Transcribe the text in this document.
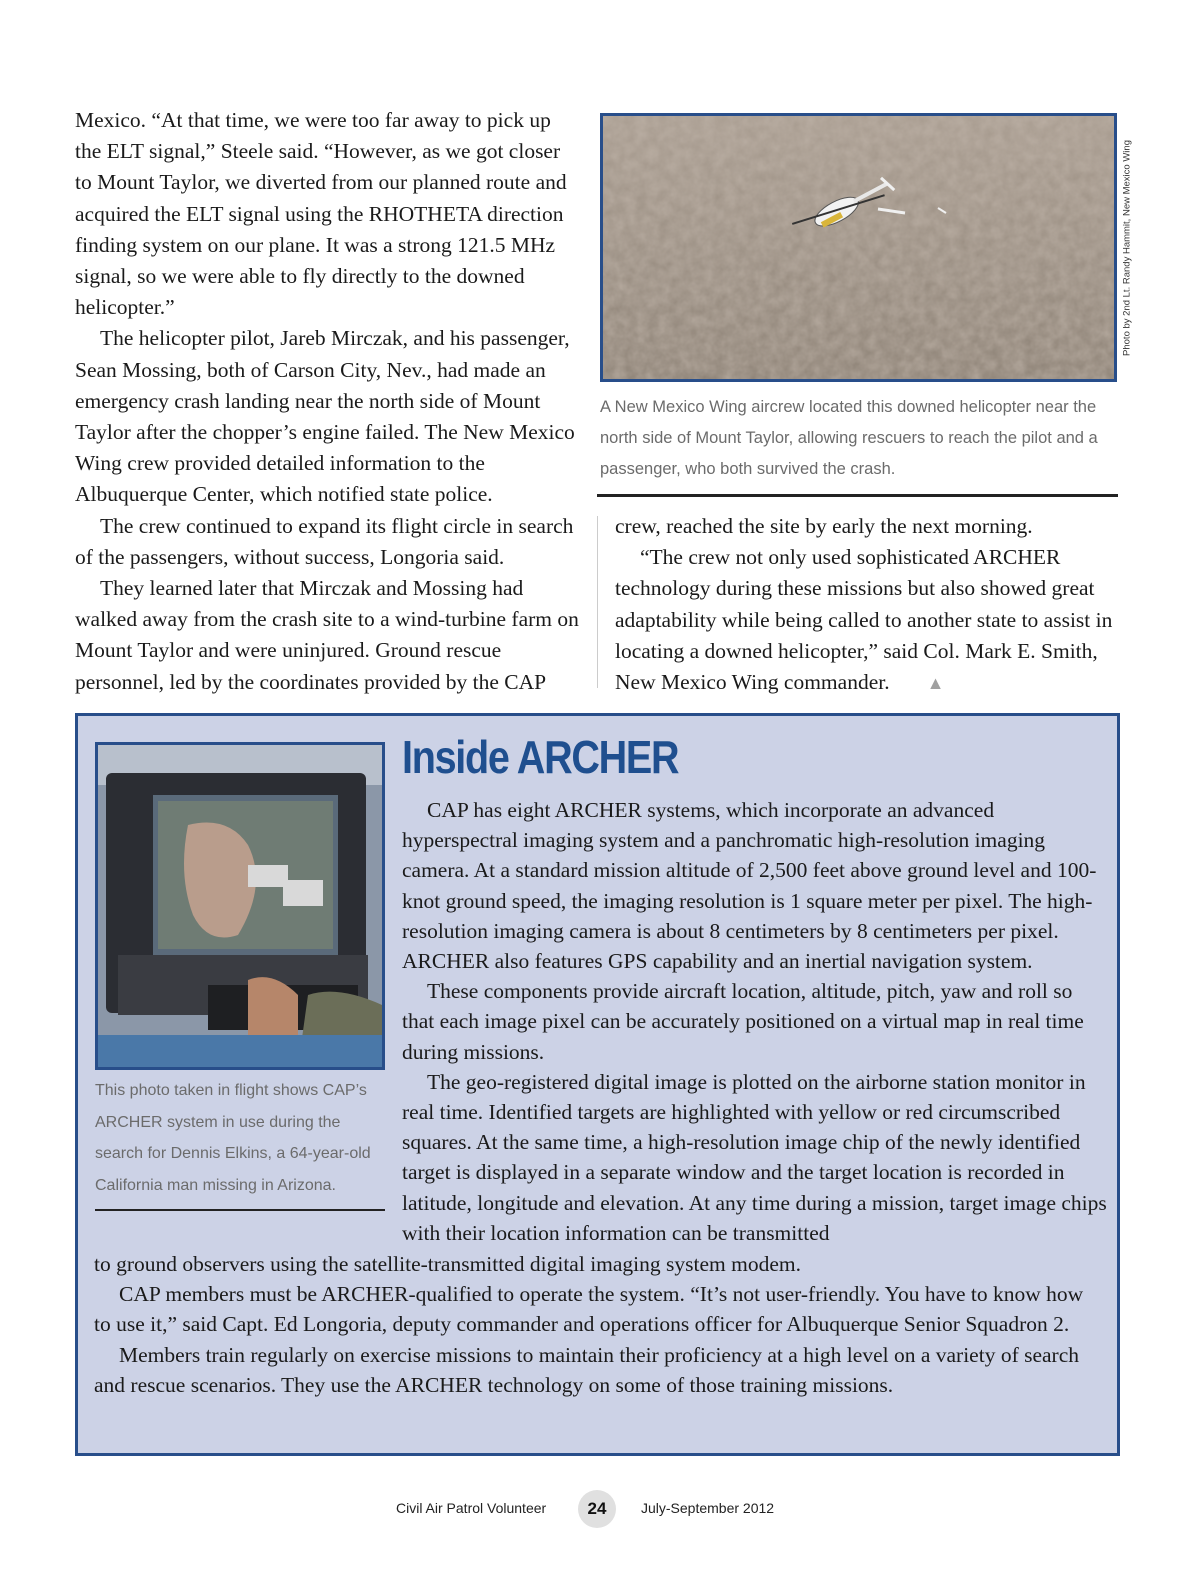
Mexico. “At that time, we were too far away to pick up the ELT signal,” Steele said. “However, as we got closer to Mount Taylor, we diverted from our planned route and acquired the ELT signal using the RHOTHETA direction finding system on our plane. It was a strong 121.5 MHz signal, so we were able to fly directly to the downed helicopter.”

The helicopter pilot, Jareb Mirczak, and his passenger, Sean Mossing, both of Carson City, Nev., had made an emergency crash landing near the north side of Mount Taylor after the chopper’s engine failed. The New Mexico Wing crew provided detailed information to the Albuquerque Center, which notified state police.

The crew continued to expand its flight circle in search of the passengers, without success, Longoria said.

They learned later that Mirczak and Mossing had walked away from the crash site to a wind-turbine farm on Mount Taylor and were uninjured. Ground rescue personnel, led by the coordinates provided by the CAP

Photo by 2nd Lt. Randy Hammit, New Mexico Wing
A New Mexico Wing aircrew located this downed helicopter near the north side of Mount Taylor, allowing rescuers to reach the pilot and a passenger, who both survived the crash.

crew, reached the site by early the next morning.

“The crew not only used sophisticated ARCHER technology during these missions but also showed great adaptability while being called to another state to assist in locating a downed helicopter,” said Col. Mark E. Smith, New Mexico Wing commander. ▲

This photo taken in flight shows CAP’s ARCHER system in use during the search for Dennis Elkins, a 64-year-old California man missing in Arizona.
Inside ARCHER

CAP has eight ARCHER systems, which incorporate an advanced hyperspectral imaging system and a panchromatic high-resolution imaging camera. At a standard mission altitude of 2,500 feet above ground level and 100-knot ground speed, the imaging resolution is 1 square meter per pixel. The high-resolution imaging camera is about 8 centimeters by 8 centimeters per pixel. ARCHER also features GPS capability and an inertial navigation system.

These components provide aircraft location, altitude, pitch, yaw and roll so that each image pixel can be accurately positioned on a virtual map in real time during missions.

The geo-registered digital image is plotted on the airborne station monitor in real time. Identified targets are highlighted with yellow or red circumscribed squares. At the same time, a high-resolution image chip of the newly identified target is displayed in a separate window and the target location is recorded in latitude, longitude and elevation. At any time during a mission, target image chips with their location information can be transmitted

to ground observers using the satellite-transmitted digital imaging system modem.

CAP members must be ARCHER-qualified to operate the system. “It’s not user-friendly. You have to know how to use it,” said Capt. Ed Longoria, deputy commander and operations officer for Albuquerque Senior Squadron 2.

Members train regularly on exercise missions to maintain their proficiency at a high level on a variety of search and rescue scenarios. They use the ARCHER technology on some of those training missions.

Civil Air Patrol Volunteer	24	July-September 2012
